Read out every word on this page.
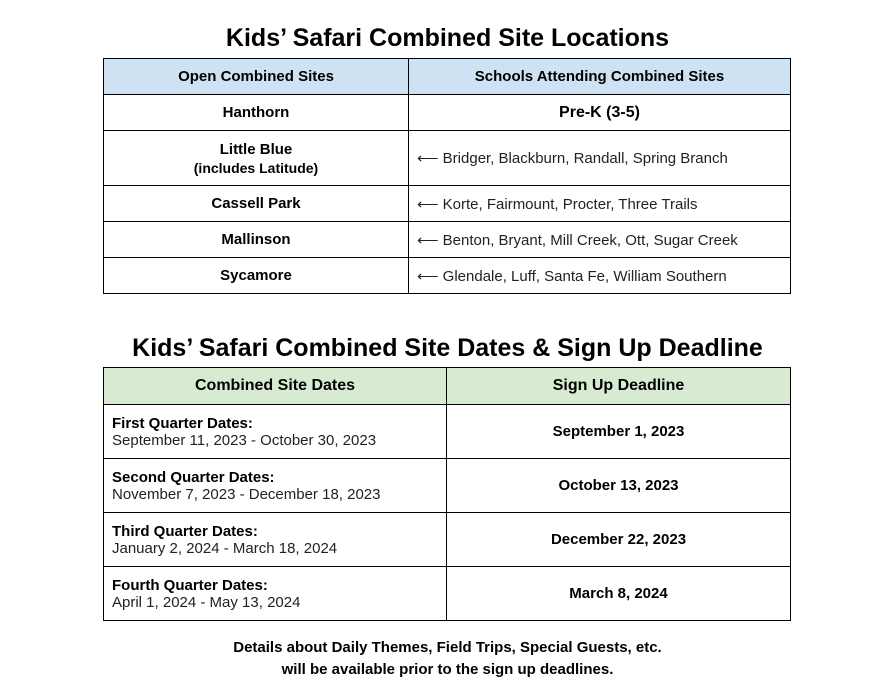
Kids’ Safari Combined Site Locations
Open Combined Sites	Schools Attending Combined Sites
Hanthorn	Pre-K (3-5)
Little Blue
(includes Latitude)	⟵ Bridger, Blackburn, Randall, Spring Branch
Cassell Park	⟵ Korte, Fairmount, Procter, Three Trails
Mallinson	⟵ Benton, Bryant, Mill Creek, Ott, Sugar Creek
Sycamore	⟵ Glendale, Luff, Santa Fe, William Southern
Kids’ Safari Combined Site Dates & Sign Up Deadline
Combined Site Dates	Sign Up Deadline

First Quarter Dates:
September 11, 2023 - October 30, 2023	September 1, 2023

Second Quarter Dates:
November 7, 2023 - December 18, 2023	October 13, 2023

Third Quarter Dates:
January 2, 2024 - March 18, 2024	December 22, 2023

Fourth Quarter Dates:
April 1, 2024 - May 13, 2024	March 8, 2024
Details about Daily Themes, Field Trips, Special Guests, etc.
will be available prior to the sign up deadlines.
